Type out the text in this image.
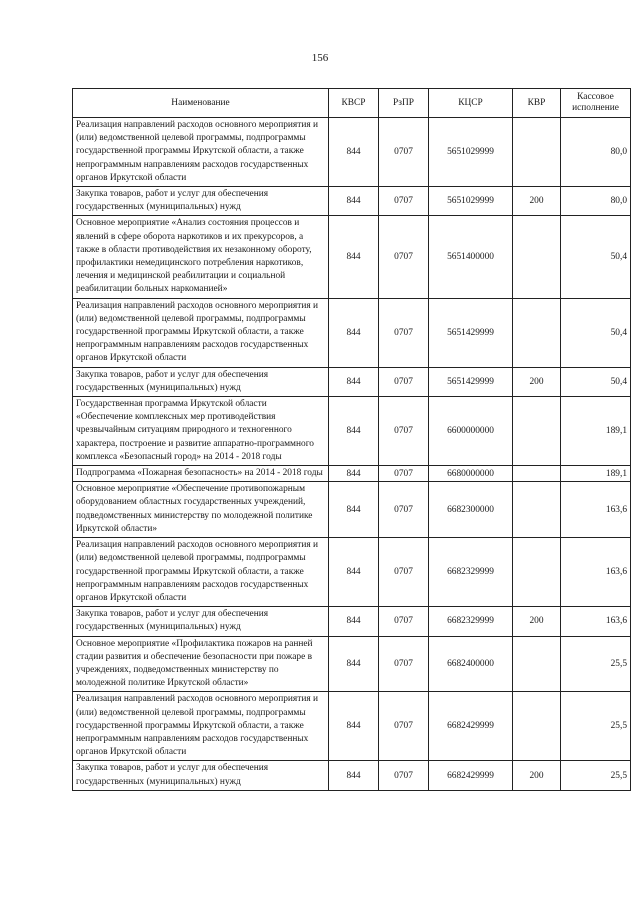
156
Наименование	КВСР	РзПР	КЦСР	КВР	Кассовое исполнение
Реализация направлений расходов основного мероприятия и (или) ведомственной целевой программы, подпрограммы государственной программы Иркутской области, а также непрограммным направлениям расходов государственных органов Иркутской области	844	0707	5651029999		80,0
Закупка товаров, работ и услуг для обеспечения государственных (муниципальных) нужд	844	0707	5651029999	200	80,0
Основное мероприятие «Анализ состояния процессов и явлений в сфере оборота наркотиков и их прекурсоров, а также в области противодействия их незаконному обороту, профилактики немедицинского потребления наркотиков, лечения и медицинской реабилитации и социальной реабилитации больных наркоманией»	844	0707	5651400000		50,4
Реализация направлений расходов основного мероприятия и (или) ведомственной целевой программы, подпрограммы государственной программы Иркутской области, а также непрограммным направлениям расходов государственных органов Иркутской области	844	0707	5651429999		50,4
Закупка товаров, работ и услуг для обеспечения государственных (муниципальных) нужд	844	0707	5651429999	200	50,4
Государственная программа Иркутской области «Обеспечение комплексных мер противодействия чрезвычайным ситуациям природного и техногенного характера, построение и развитие аппаратно-программного комплекса «Безопасный город» на 2014 - 2018 годы	844	0707	6600000000		189,1
Подпрограмма «Пожарная безопасность» на 2014 - 2018 годы	844	0707	6680000000		189,1
Основное мероприятие «Обеспечение противопожарным оборудованием областных государственных учреждений, подведомственных министерству по молодежной политике Иркутской области»	844	0707	6682300000		163,6
Реализация направлений расходов основного мероприятия и (или) ведомственной целевой программы, подпрограммы государственной программы Иркутской области, а также непрограммным направлениям расходов государственных органов Иркутской области	844	0707	6682329999		163,6
Закупка товаров, работ и услуг для обеспечения государственных (муниципальных) нужд	844	0707	6682329999	200	163,6
Основное мероприятие «Профилактика пожаров на ранней стадии развития и обеспечение безопасности при пожаре в учреждениях, подведомственных министерству по молодежной политике Иркутской области»	844	0707	6682400000		25,5
Реализация направлений расходов основного мероприятия и (или) ведомственной целевой программы, подпрограммы государственной программы Иркутской области, а также непрограммным направлениям расходов государственных органов Иркутской области	844	0707	6682429999		25,5
Закупка товаров, работ и услуг для обеспечения государственных (муниципальных) нужд	844	0707	6682429999	200	25,5
